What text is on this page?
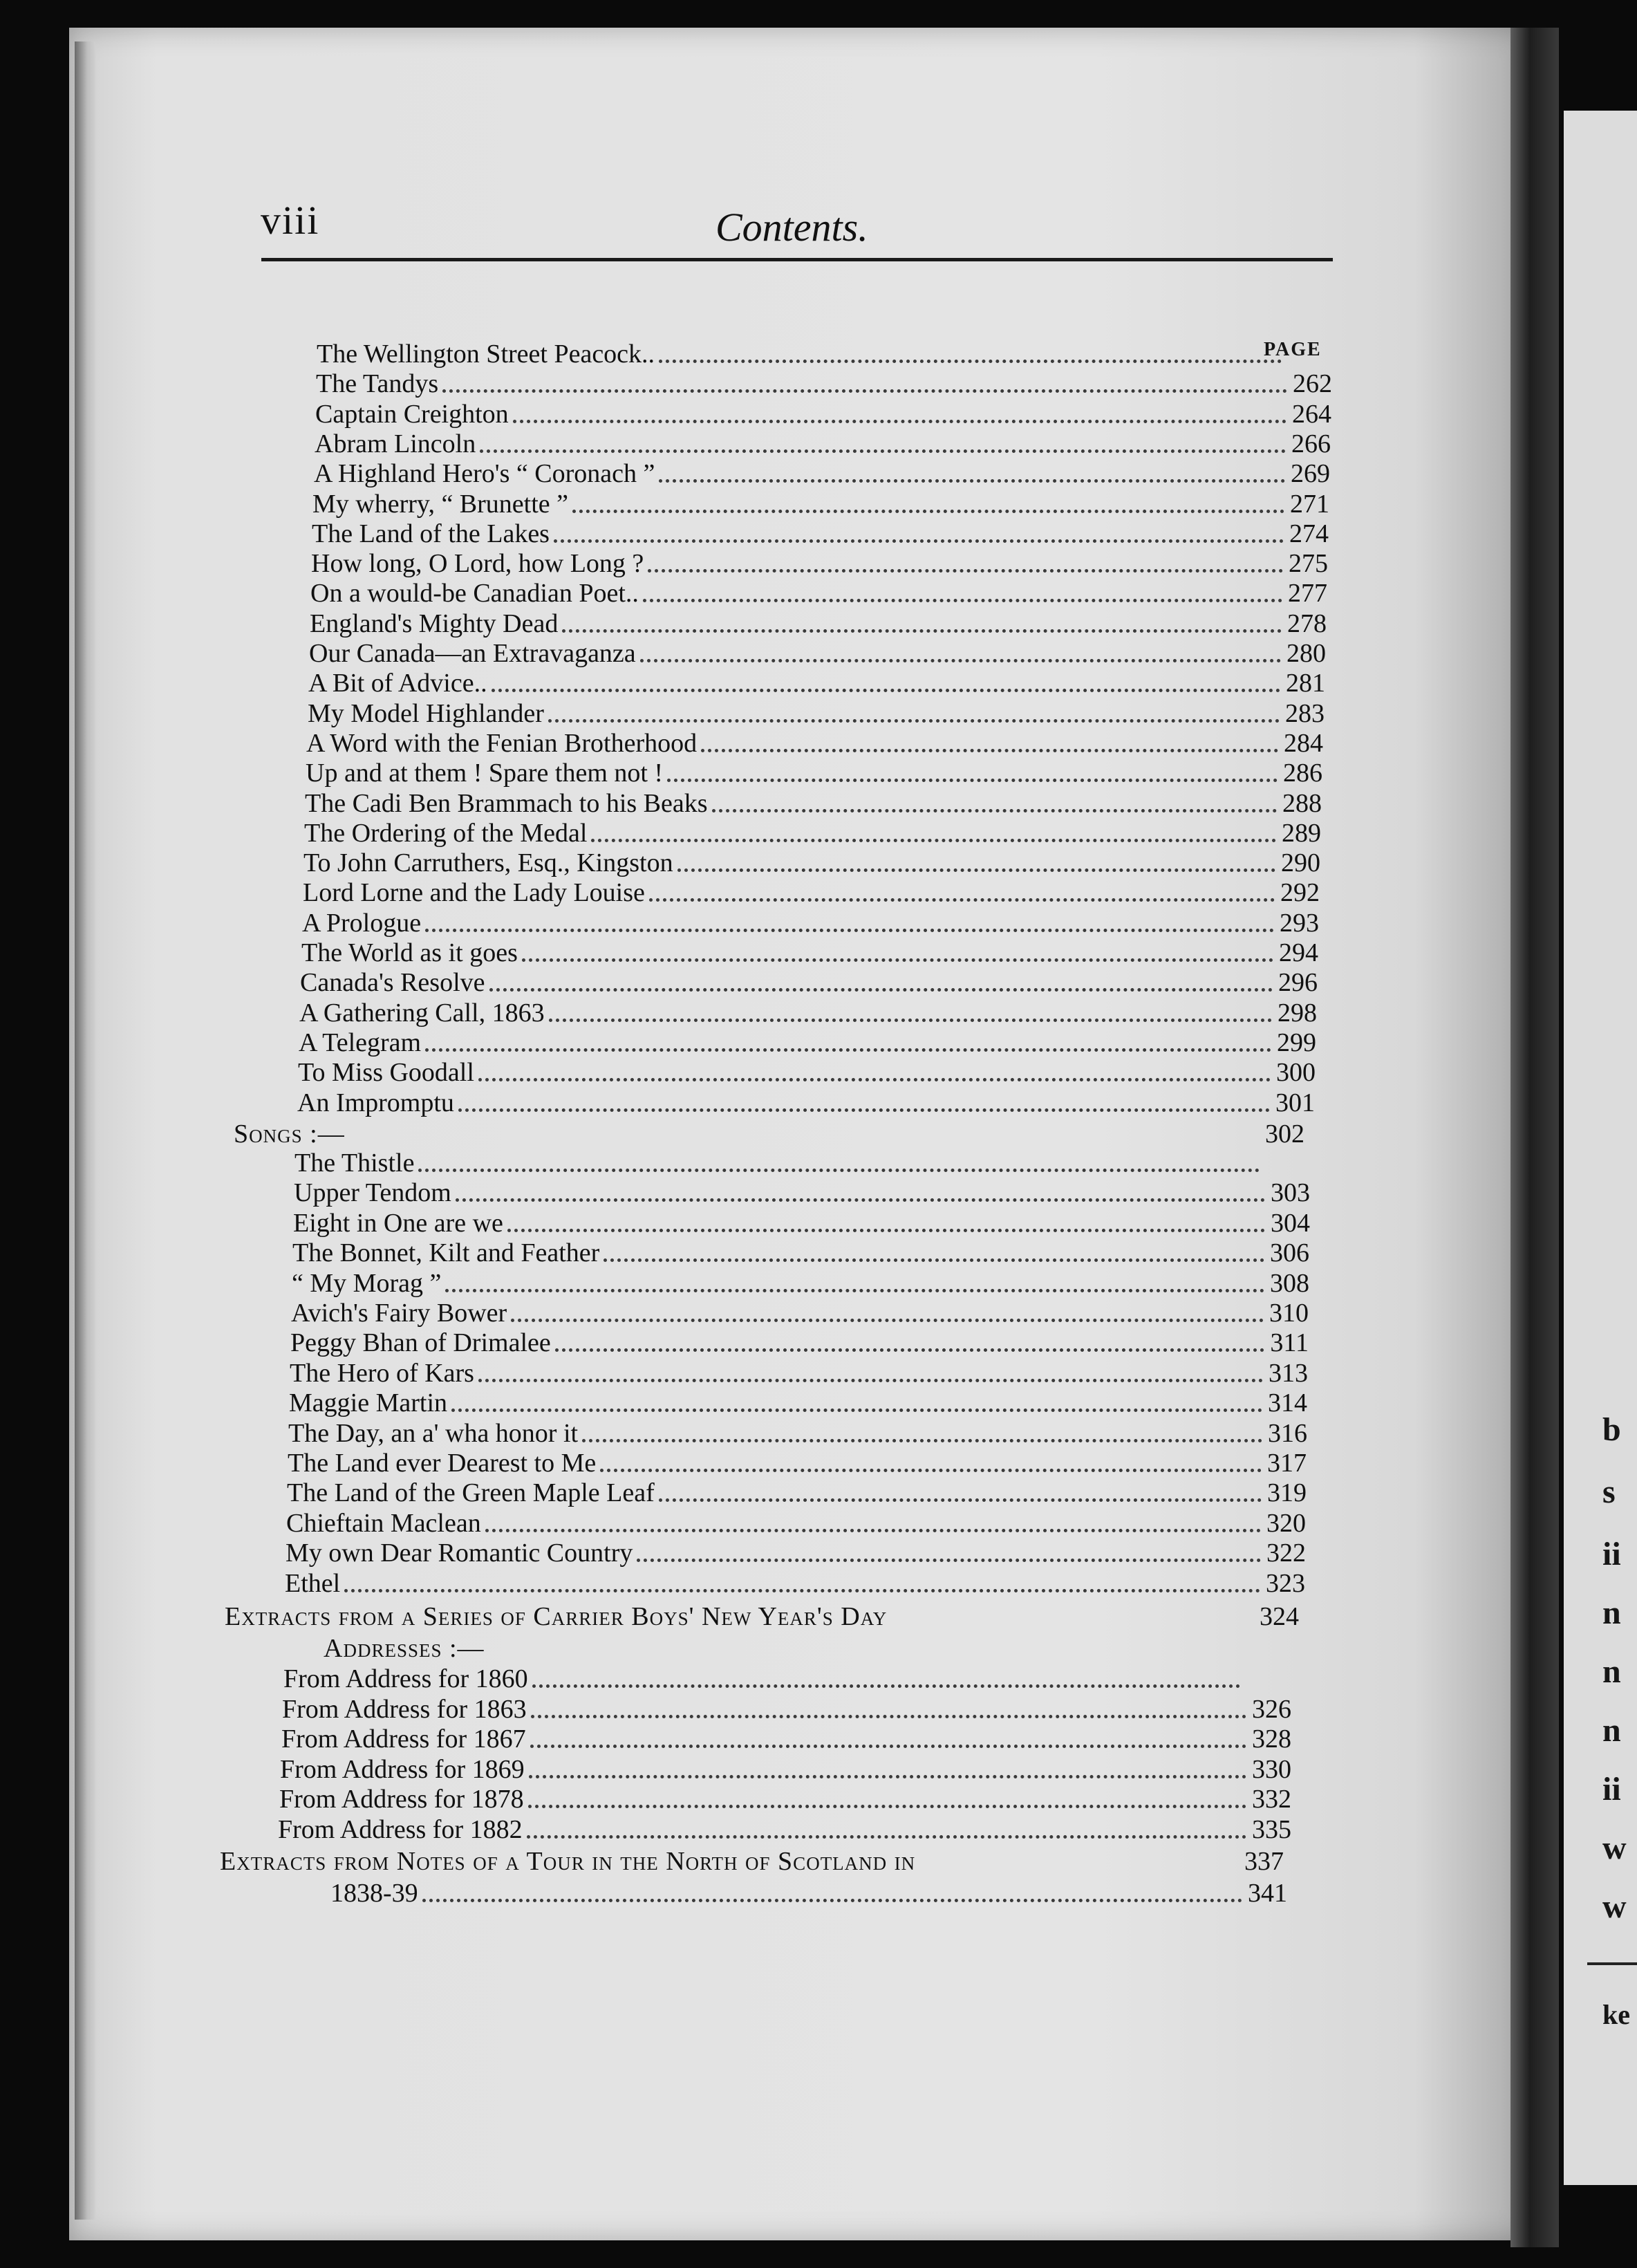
b
s
ii
n
n
n
ii
w
w
ke
viii	Contents.
PAGE
The Wellington Street Peacock..
The Tandys	262
Captain Creighton	264
Abram Lincoln	266
A Highland Hero's “ Coronach ”	269
My wherry, “ Brunette ”	271
The Land of the Lakes	274
How long, O Lord, how Long ?	275
On a would-be Canadian Poet..	277
England's Mighty Dead	278
Our Canada—an Extravaganza	280
A Bit of Advice..	281
My Model Highlander	283
A Word with the Fenian Brotherhood	284
Up and at them ! Spare them not !	286
The Cadi Ben Brammach to his Beaks	288
The Ordering of the Medal	289
To John Carruthers, Esq., Kingston	290
Lord Lorne and the Lady Louise	292
A Prologue	293
The World as it goes	294
Canada's Resolve	296
A Gathering Call, 1863	298
A Telegram	299
To Miss Goodall	300
An Impromptu	301
Songs :—	302
The Thistle
Upper Tendom	303
Eight in One are we	304
The Bonnet, Kilt and Feather	306
“ My Morag ”	308
Avich's Fairy Bower	310
Peggy Bhan of Drimalee	311
The Hero of Kars	313
Maggie Martin	314
The Day, an a' wha honor it	316
The Land ever Dearest to Me	317
The Land of the Green Maple Leaf	319
Chieftain Maclean	320
My own Dear Romantic Country	322
Ethel	323
Extracts from a Series of Carrier Boys' New Year's Day	324
Addresses :—
From Address for 1860
From Address for 1863	326
From Address for 1867	328
From Address for 1869	330
From Address for 1878	332
From Address for 1882	335
Extracts from Notes of a Tour in the North of Scotland in	337
1838-39	341
